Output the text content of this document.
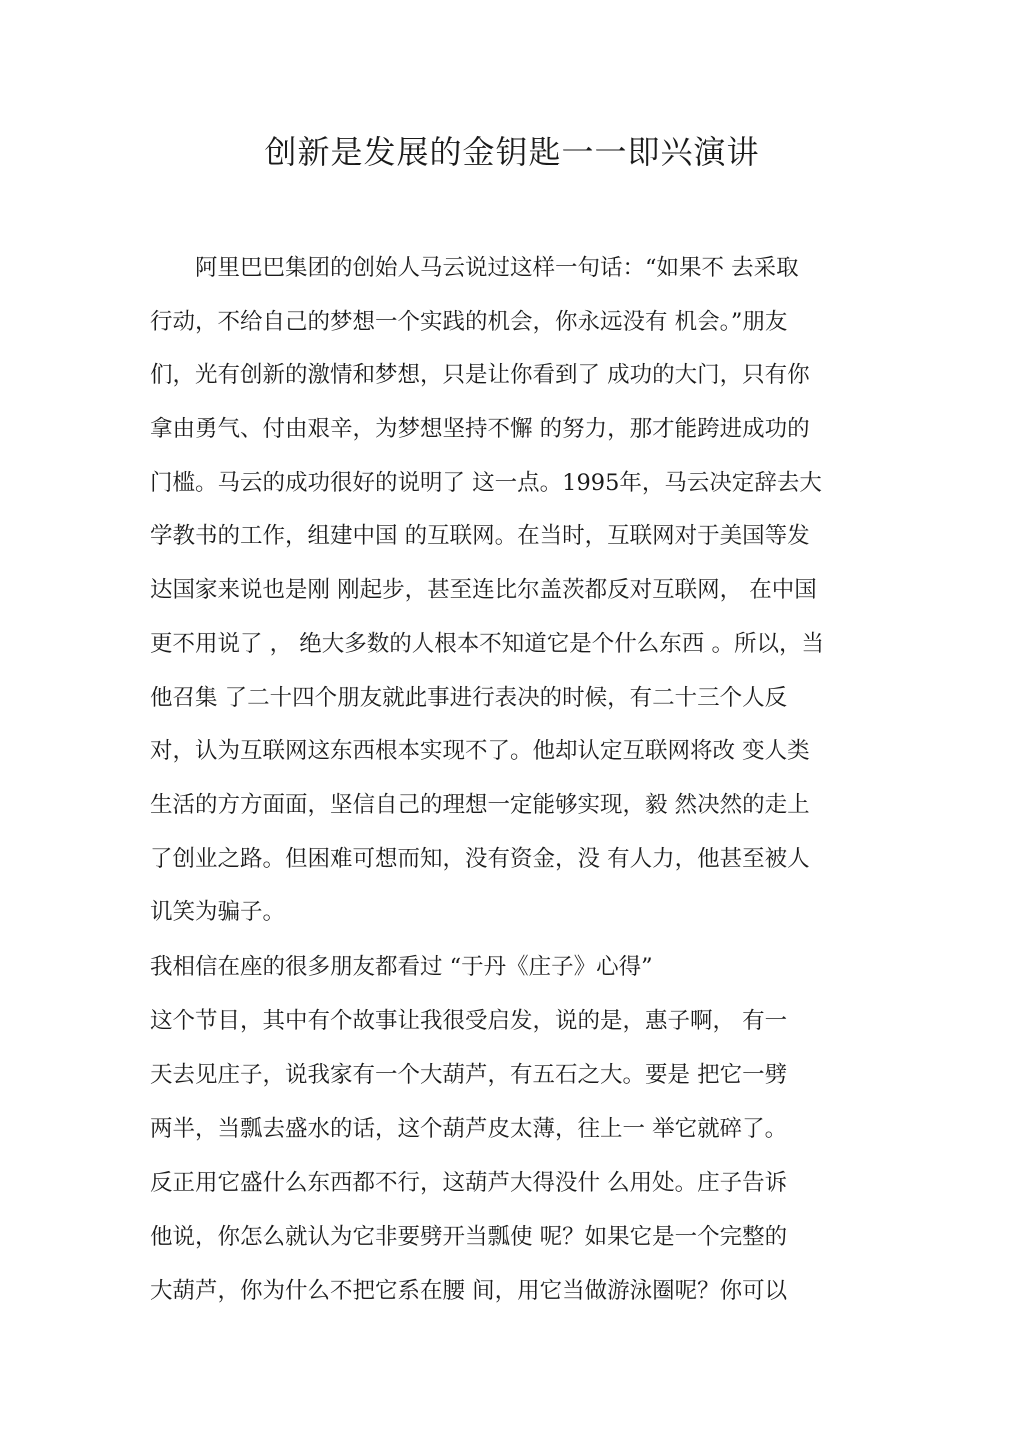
创新是发展的金钥匙一一即兴演讲
　　阿里巴巴集团的创始人马云说过这样一句话：“如果不 去采取
行动，不给自己的梦想一个实践的机会，你永远没有 机会。”朋友
们，光有创新的激情和梦想，只是让你看到了 成功的大门，只有你
拿由勇气、付由艰辛，为梦想坚持不懈 的努力，那才能跨进成功的
门槛。马云的成功很好的说明了 这一点。1995年，马云决定辞去大
学教书的工作，组建中国 的互联网。在当时，互联网对于美国等发
达国家来说也是刚 刚起步，甚至连比尔盖茨都反对互联网， 在中国
更不用说了 ， 绝大多数的人根本不知道它是个什么东西 。所以，当
他召集 了二十四个朋友就此事进行表决的时候，有二十三个人反
对，认为互联网这东西根本实现不了。他却认定互联网将改 变人类
生活的方方面面，坚信自己的理想一定能够实现，毅 然决然的走上
了创业之路。但困难可想而知，没有资金，没 有人力，他甚至被人
讥笑为骗子。
我相信在座的很多朋友都看过 “于丹《庄子》心得”
这个节目，其中有个故事让我很受启发，说的是，惠子啊， 有一
天去见庄子，说我家有一个大葫芦，有五石之大。要是 把它一劈
两半，当瓢去盛水的话，这个葫芦皮太薄，往上一 举它就碎了。
反正用它盛什么东西都不行，这葫芦大得没什 么用处。庄子告诉
他说，你怎么就认为它非要劈开当瓢使 呢？如果它是一个完整的
大葫芦，你为什么不把它系在腰 间，用它当做游泳圈呢？你可以
